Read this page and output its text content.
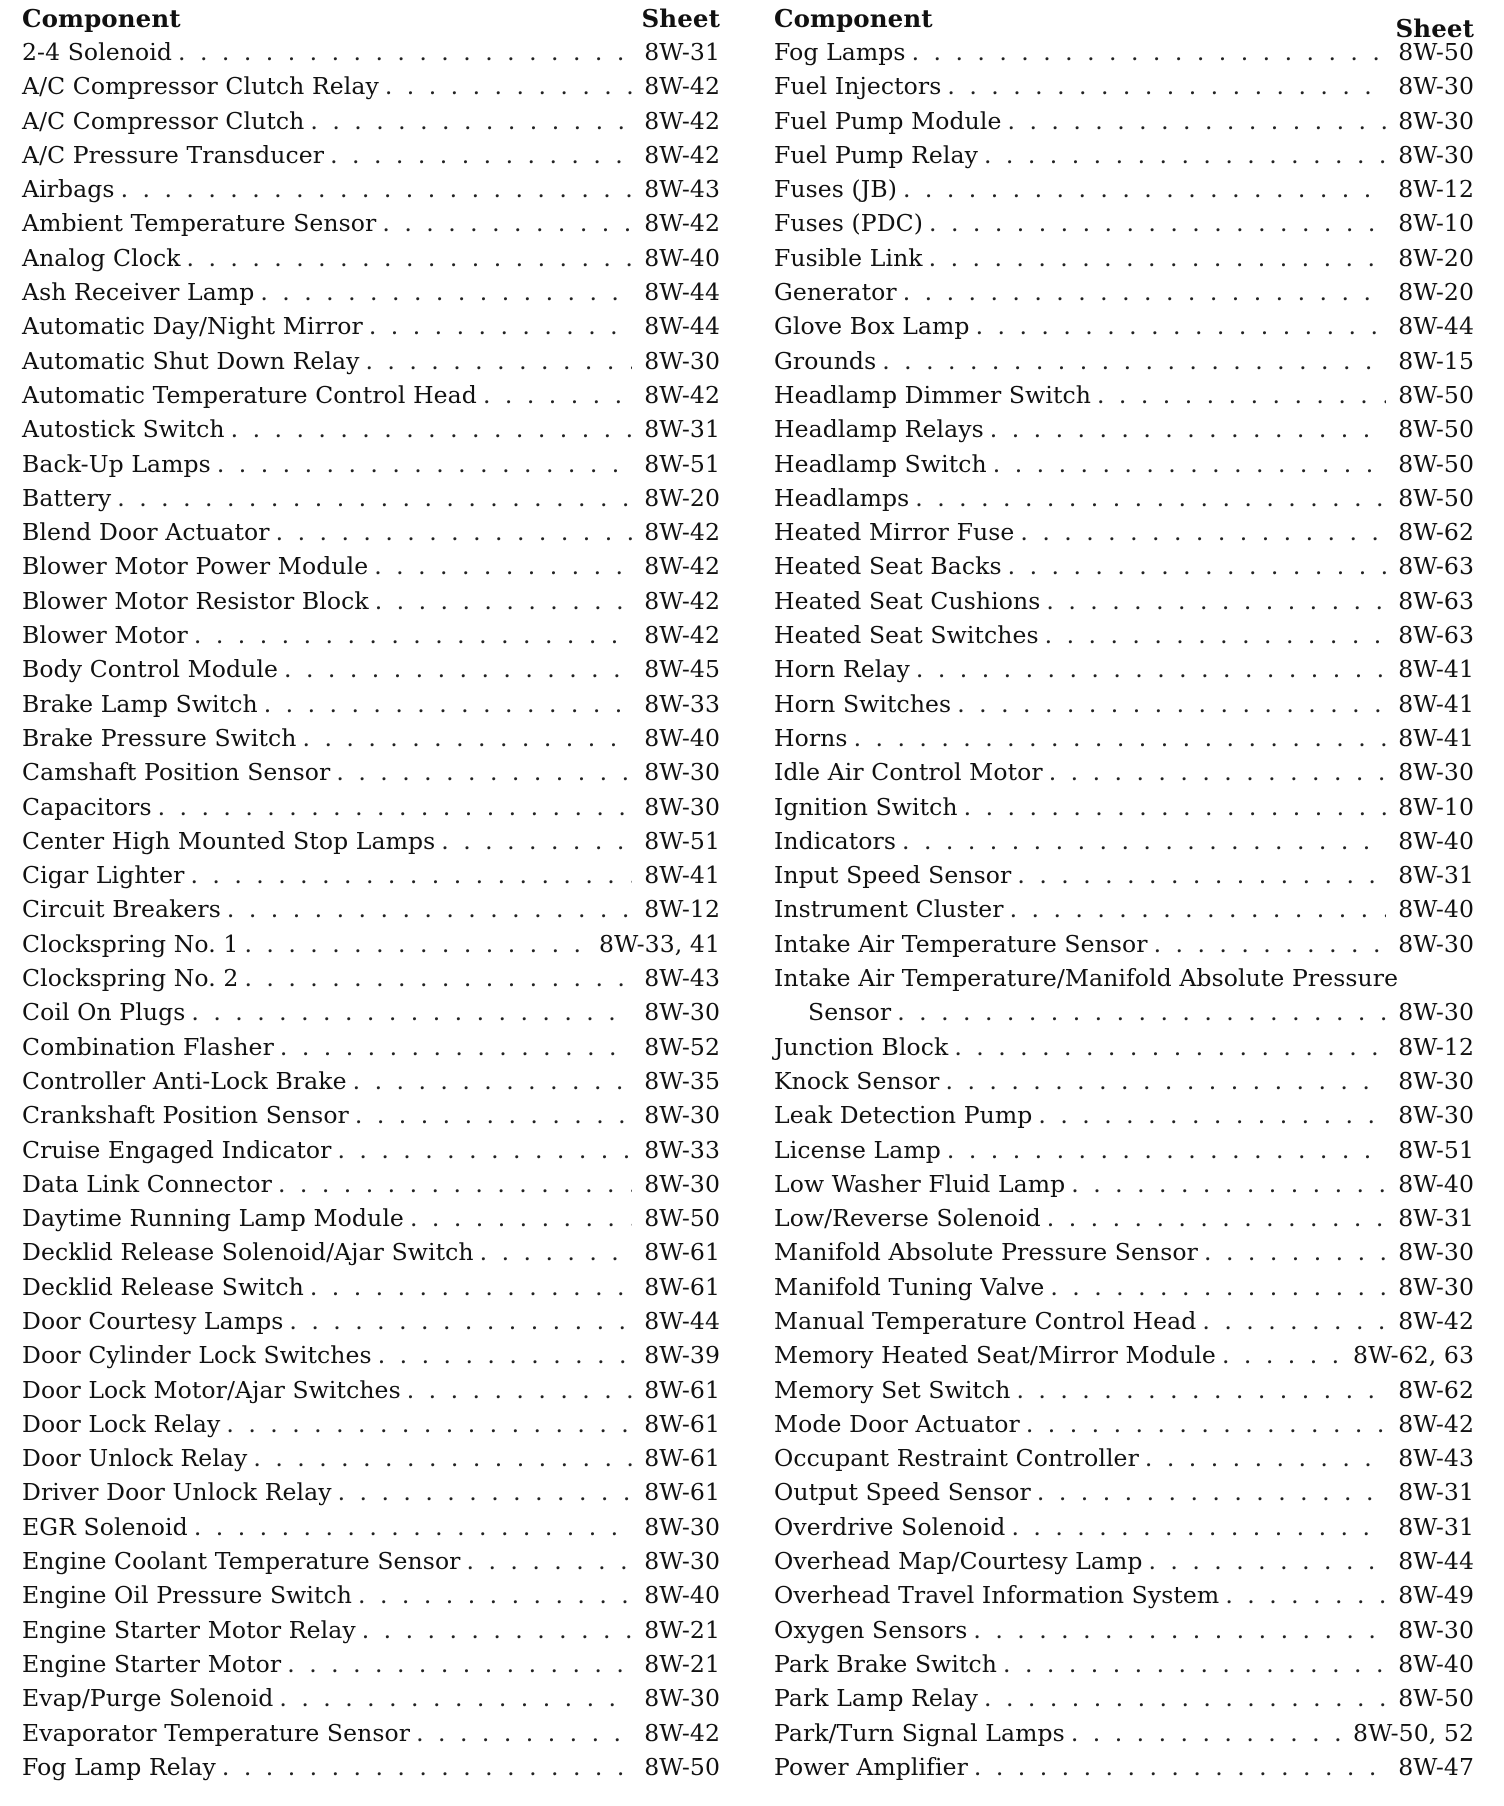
Component	Sheet
2-4 Solenoid . . .	8W-31
A/C Compressor Clutch Relay . . .	8W-42
A/C Compressor Clutch . . .	8W-42
A/C Pressure Transducer . . .	8W-42
Airbags . . .	8W-43
Ambient Temperature Sensor . . .	8W-42
Analog Clock . . .	8W-40
Ash Receiver Lamp . . .	8W-44
Automatic Day/Night Mirror . . .	8W-44
Automatic Shut Down Relay . . .	8W-30
Automatic Temperature Control Head . . .	8W-42
Autostick Switch . . .	8W-31
Back-Up Lamps . . .	8W-51
Battery . . .	8W-20
Blend Door Actuator . . .	8W-42
Blower Motor Power Module . . .	8W-42
Blower Motor Resistor Block . . .	8W-42
Blower Motor . . .	8W-42
Body Control Module . . .	8W-45
Brake Lamp Switch . . .	8W-33
Brake Pressure Switch . . .	8W-40
Camshaft Position Sensor . . .	8W-30
Capacitors . . .	8W-30
Center High Mounted Stop Lamps . . .	8W-51
Cigar Lighter . . .	8W-41
Circuit Breakers . . .	8W-12
Clockspring No. 1 . . .	8W-33, 41
Clockspring No. 2 . . .	8W-43
Coil On Plugs . . .	8W-30
Combination Flasher . . .	8W-52
Controller Anti-Lock Brake . . .	8W-35
Crankshaft Position Sensor . . .	8W-30
Cruise Engaged Indicator . . .	8W-33
Data Link Connector . . .	8W-30
Daytime Running Lamp Module . . .	8W-50
Decklid Release Solenoid/Ajar Switch . . .	8W-61
Decklid Release Switch . . .	8W-61
Door Courtesy Lamps . . .	8W-44
Door Cylinder Lock Switches . . .	8W-39
Door Lock Motor/Ajar Switches . . .	8W-61
Door Lock Relay . . .	8W-61
Door Unlock Relay . . .	8W-61
Driver Door Unlock Relay . . .	8W-61
EGR Solenoid . . .	8W-30
Engine Coolant Temperature Sensor . . .	8W-30
Engine Oil Pressure Switch . . .	8W-40
Engine Starter Motor Relay . . .	8W-21
Engine Starter Motor . . .	8W-21
Evap/Purge Solenoid . . .	8W-30
Evaporator Temperature Sensor . . .	8W-42
Fog Lamp Relay . . .	8W-50
Component	Sheet
Fog Lamps . . .	8W-50
Fuel Injectors . . .	8W-30
Fuel Pump Module . . .	8W-30
Fuel Pump Relay . . .	8W-30
Fuses (JB) . . .	8W-12
Fuses (PDC) . . .	8W-10
Fusible Link . . .	8W-20
Generator . . .	8W-20
Glove Box Lamp . . .	8W-44
Grounds . . .	8W-15
Headlamp Dimmer Switch . . .	8W-50
Headlamp Relays . . .	8W-50
Headlamp Switch . . .	8W-50
Headlamps . . .	8W-50
Heated Mirror Fuse . . .	8W-62
Heated Seat Backs . . .	8W-63
Heated Seat Cushions . . .	8W-63
Heated Seat Switches . . .	8W-63
Horn Relay . . .	8W-41
Horn Switches . . .	8W-41
Horns . . .	8W-41
Idle Air Control Motor . . .	8W-30
Ignition Switch . . .	8W-10
Indicators . . .	8W-40
Input Speed Sensor . . .	8W-31
Instrument Cluster . . .	8W-40
Intake Air Temperature Sensor . . .	8W-30
Intake Air Temperature/Manifold Absolute Pressure
Sensor . . .	8W-30
Junction Block . . .	8W-12
Knock Sensor . . .	8W-30
Leak Detection Pump . . .	8W-30
License Lamp . . .	8W-51
Low Washer Fluid Lamp . . .	8W-40
Low/Reverse Solenoid . . .	8W-31
Manifold Absolute Pressure Sensor . . .	8W-30
Manifold Tuning Valve . . .	8W-30
Manual Temperature Control Head . . .	8W-42
Memory Heated Seat/Mirror Module . . .	8W-62, 63
Memory Set Switch . . .	8W-62
Mode Door Actuator . . .	8W-42
Occupant Restraint Controller . . .	8W-43
Output Speed Sensor . . .	8W-31
Overdrive Solenoid . . .	8W-31
Overhead Map/Courtesy Lamp . . .	8W-44
Overhead Travel Information System . . .	8W-49
Oxygen Sensors . . .	8W-30
Park Brake Switch . . .	8W-40
Park Lamp Relay . . .	8W-50
Park/Turn Signal Lamps . . .	8W-50, 52
Power Amplifier . . .	8W-47
